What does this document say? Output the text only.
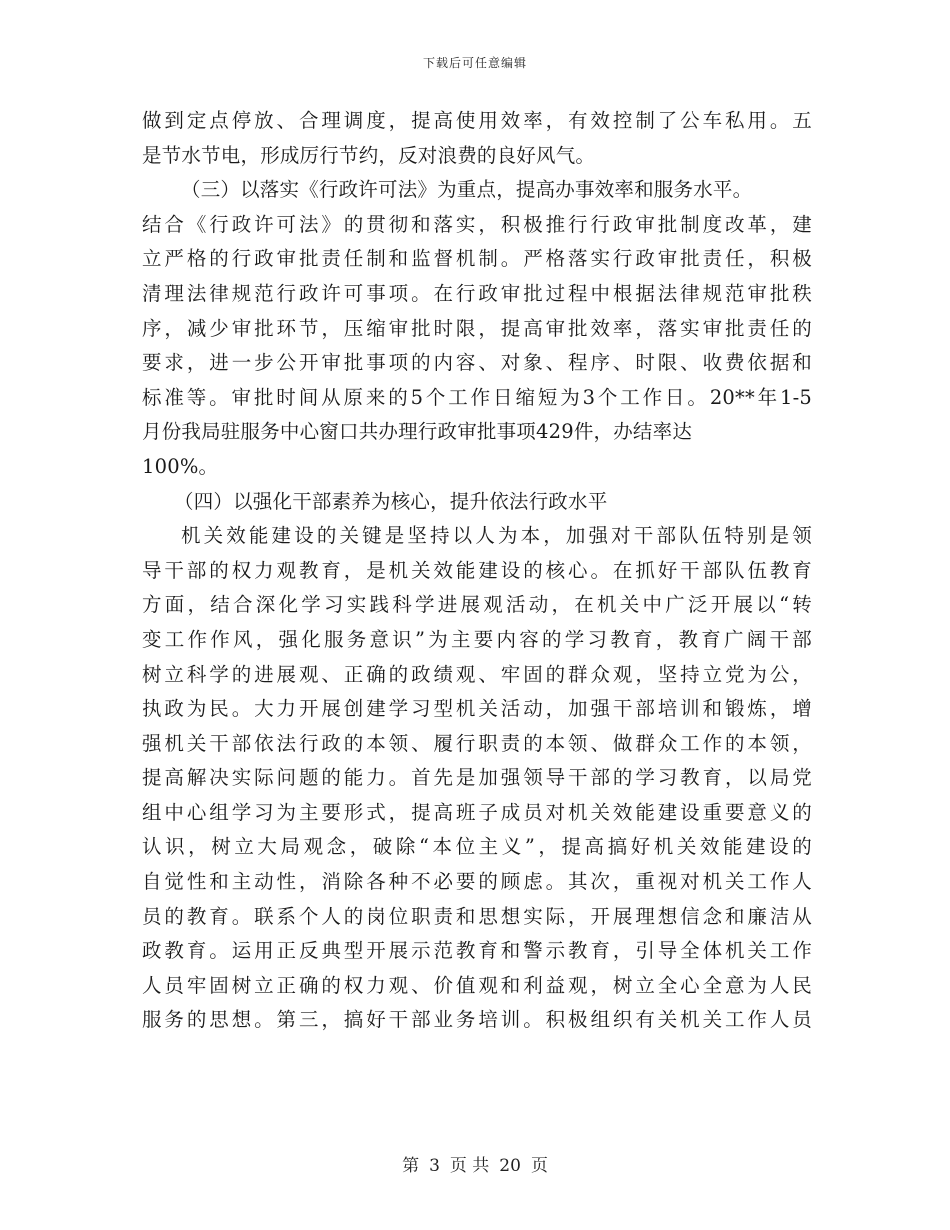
下载后可任意编辑
做到定点停放、合理调度，提高使用效率，有效控制了公车私用。五
是节水节电，形成厉行节约，反对浪费的良好风气。
（三）以落实《行政许可法》为重点，提高办事效率和服务水平。
结合《行政许可法》的贯彻和落实，积极推行行政审批制度改革，建
立严格的行政审批责任制和监督机制。严格落实行政审批责任，积极
清理法律规范行政许可事项。在行政审批过程中根据法律规范审批秩
序，减少审批环节，压缩审批时限，提高审批效率，落实审批责任的
要求，进一步公开审批事项的内容、对象、程序、时限、收费依据和
标准等。审批时间从原来的5个工作日缩短为3个工作日。20**年1-5
月份我局驻服务中心窗口共办理行政审批事项429件，办结率达
100%。
（四）以强化干部素养为核心，提升依法行政水平
机关效能建设的关键是坚持以人为本，加强对干部队伍特别是领
导干部的权力观教育，是机关效能建设的核心。在抓好干部队伍教育
方面，结合深化学习实践科学进展观活动，在机关中广泛开展以“转
变工作作风，强化服务意识”为主要内容的学习教育，教育广阔干部
树立科学的进展观、正确的政绩观、牢固的群众观，坚持立党为公，
执政为民。大力开展创建学习型机关活动，加强干部培训和锻炼，增
强机关干部依法行政的本领、履行职责的本领、做群众工作的本领，
提高解决实际问题的能力。首先是加强领导干部的学习教育，以局党
组中心组学习为主要形式，提高班子成员对机关效能建设重要意义的
认识，树立大局观念，破除“本位主义”，提高搞好机关效能建设的
自觉性和主动性，消除各种不必要的顾虑。其次，重视对机关工作人
员的教育。联系个人的岗位职责和思想实际，开展理想信念和廉洁从
政教育。运用正反典型开展示范教育和警示教育，引导全体机关工作
人员牢固树立正确的权力观、价值观和利益观，树立全心全意为人民
服务的思想。第三，搞好干部业务培训。积极组织有关机关工作人员
第 3 页 共 20 页
